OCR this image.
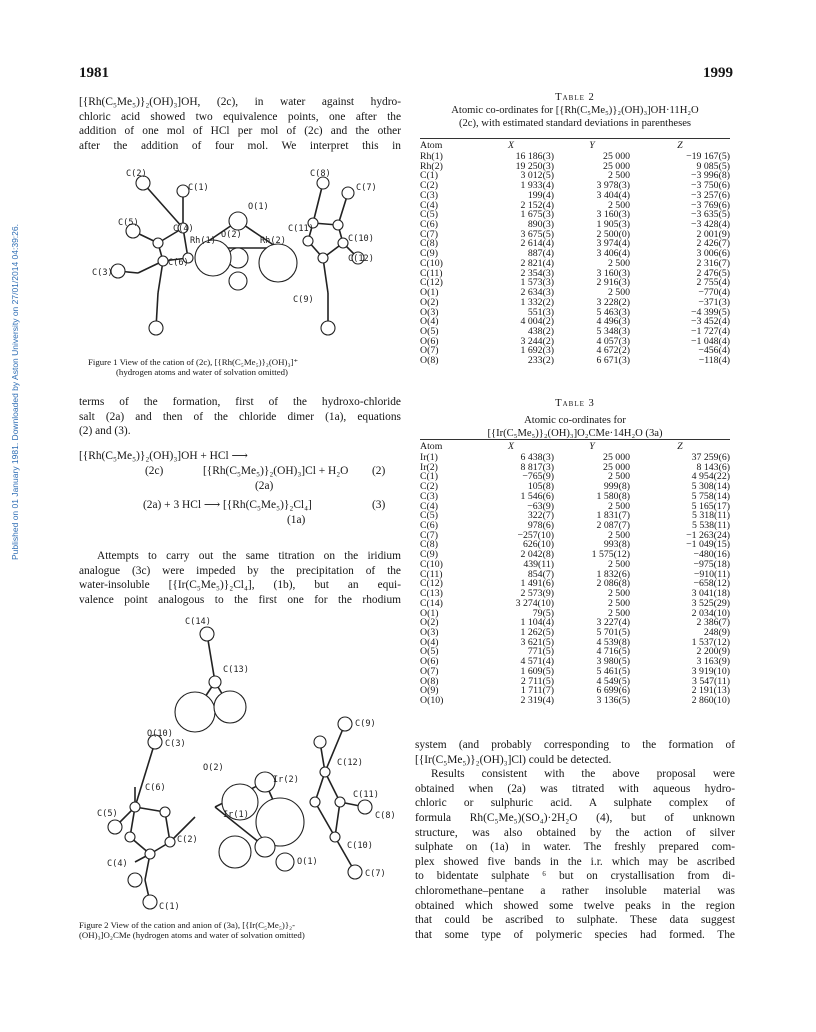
Published on 01 January 1981. Downloaded by Aston University on 27/01/2014 04:39:26.
1981	1999

[{Rh(C₅Me₅)}₂(OH)₃]OH, (2c), in water against hydro-

chloric acid showed two equivalence points, one after the

addition of one mol of HCl per mol of (2c) and the other

after the addition of four mol. We interpret this in

C(2)
C(1)
C(8)
C(7)
O(1)
C(5)
C(4)
Rh(1)
O(2)
Rh(2)
C(11)
C(10)
C(6)	C(12)
C(3)
C(9)
Figure 1 View of the cation of (2c), [{Rh(C₅Me₅)}₂(OH)₃]⁺
(hydrogen atoms and water of solvation omitted)

terms of the formation, first of the hydroxo-chloride

salt (2a) and then of the chloride dimer (1a), equations

(2) and (3).

[{Rh(C₅Me₅)}₂(OH)₃]OH + HCl ⟶
(2c)	[{Rh(C₅Me₅)}₂(OH)₃]Cl + H₂O (2)
(2a)
(2a) + 3 HCl ⟶ [{Rh(C₅Me₅)}₂Cl₄]	(3)
(1a)

Attempts to carry out the same titration on the iridium

analogue (3c) were impeded by the precipitation of the

water-insoluble [{Ir(C₅Me₅)}₂Cl₄], (1b), but an equi-

valence point analogous to the first one for the rhodium

C(14)
C(13)
O(10)
C(9)
C(3)
O(2)
Ir(2)
C(12)
C(6)
C(11)
C(5)	Ir(1)	C(8)
C(2)
C(10)
C(4)	O(1)
C(7)
C(1)
Figure 2 View of the cation and anion of (3a), [{Ir(C₅Me₅)}₂-
(OH)₃]O₂CMe (hydrogen atoms and water of solvation omitted)
Table 2
Atomic co-ordinates for [{Rh(C₅Me₅)}₂(OH)₃]OH·11H₂O
(2c), with estimated standard deviations in parentheses
Atom	X	Y	Z
Rh(1)	16 186(3)	25 000	−19 167(5)
Rh(2)	19 250(3)	25 000	9 085(5)
C(1)	3 012(5)	2 500	−3 996(8)
C(2)	1 933(4)	3 978(3)	−3 750(6)
C(3)	199(4)	3 404(4)	−3 257(6)
C(4)	2 152(4)	2 500	−3 769(6)
C(5)	1 675(3)	3 160(3)	−3 635(5)
C(6)	890(3)	1 905(3)	−3 428(4)
C(7)	3 675(5)	2 500(0)	2 001(9)
C(8)	2 614(4)	3 974(4)	2 426(7)
C(9)	887(4)	3 406(4)	3 006(6)
C(10)	2 821(4)	2 500	2 316(7)
C(11)	2 354(3)	3 160(3)	2 476(5)
C(12)	1 573(3)	2 916(3)	2 755(4)
O(1)	2 634(3)	2 500	−770(4)
O(2)	1 332(2)	3 228(2)	−371(3)
O(3)	551(3)	5 463(3)	−4 399(5)
O(4)	4 004(2)	4 496(3)	−3 452(4)
O(5)	438(2)	5 348(3)	−1 727(4)
O(6)	3 244(2)	4 057(3)	−1 048(4)
O(7)	1 692(3)	4 672(2)	−456(4)
O(8)	233(2)	6 671(3)	−118(4)
Table 3
Atomic co-ordinates for
[{Ir(C₅Me₅)}₂(OH)₃]O₂CMe·14H₂O (3a)
Atom	X	Y	Z
Ir(1)	6 438(3)	25 000	37 259(6)
Ir(2)	8 817(3)	25 000	8 143(6)
C(1)	−765(9)	2 500	4 954(22)
C(2)	105(8)	999(8)	5 308(14)
C(3)	1 546(6)	1 580(8)	5 758(14)
C(4)	−63(9)	2 500	5 165(17)
C(5)	322(7)	1 831(7)	5 318(11)
C(6)	978(6)	2 087(7)	5 538(11)
C(7)	−257(10)	2 500	−1 263(24)
C(8)	626(10)	993(8)	−1 049(15)
C(9)	2 042(8)	1 575(12)	−480(16)
C(10)	439(11)	2 500	−975(18)
C(11)	854(7)	1 832(6)	−910(11)
C(12)	1 491(6)	2 086(8)	−658(12)
C(13)	2 573(9)	2 500	3 041(18)
C(14)	3 274(10)	2 500	3 525(29)
O(1)	79(5)	2 500	2 034(10)
O(2)	1 104(4)	3 227(4)	2 386(7)
O(3)	1 262(5)	5 701(5)	248(9)
O(4)	3 621(5)	4 539(8)	1 537(12)
O(5)	771(5)	4 716(5)	2 200(9)
O(6)	4 571(4)	3 980(5)	3 163(9)
O(7)	1 609(5)	5 461(5)	3 919(10)
O(8)	2 711(5)	4 549(5)	3 547(11)
O(9)	1 711(7)	6 699(6)	2 191(13)
O(10)	2 319(4)	3 136(5)	2 860(10)

system (and probably corresponding to the formation of

[{Ir(C₅Me₅)}₂(OH)₃]Cl) could be detected.

Results consistent with the above proposal were

obtained when (2a) was titrated with aqueous hydro-

chloric or sulphuric acid. A sulphate complex of

formula Rh(C₅Me₅)(SO₄)·2H₂O (4), but of unknown

structure, was also obtained by the action of silver

sulphate on (1a) in water. The freshly prepared com-

plex showed five bands in the i.r. which may be ascribed

to bidentate sulphate ⁶ but on crystallisation from di-

chloromethane–pentane a rather insoluble material was

obtained which showed some twelve peaks in the region

that could be ascribed to sulphate. These data suggest

that some type of polymeric species had formed. The
